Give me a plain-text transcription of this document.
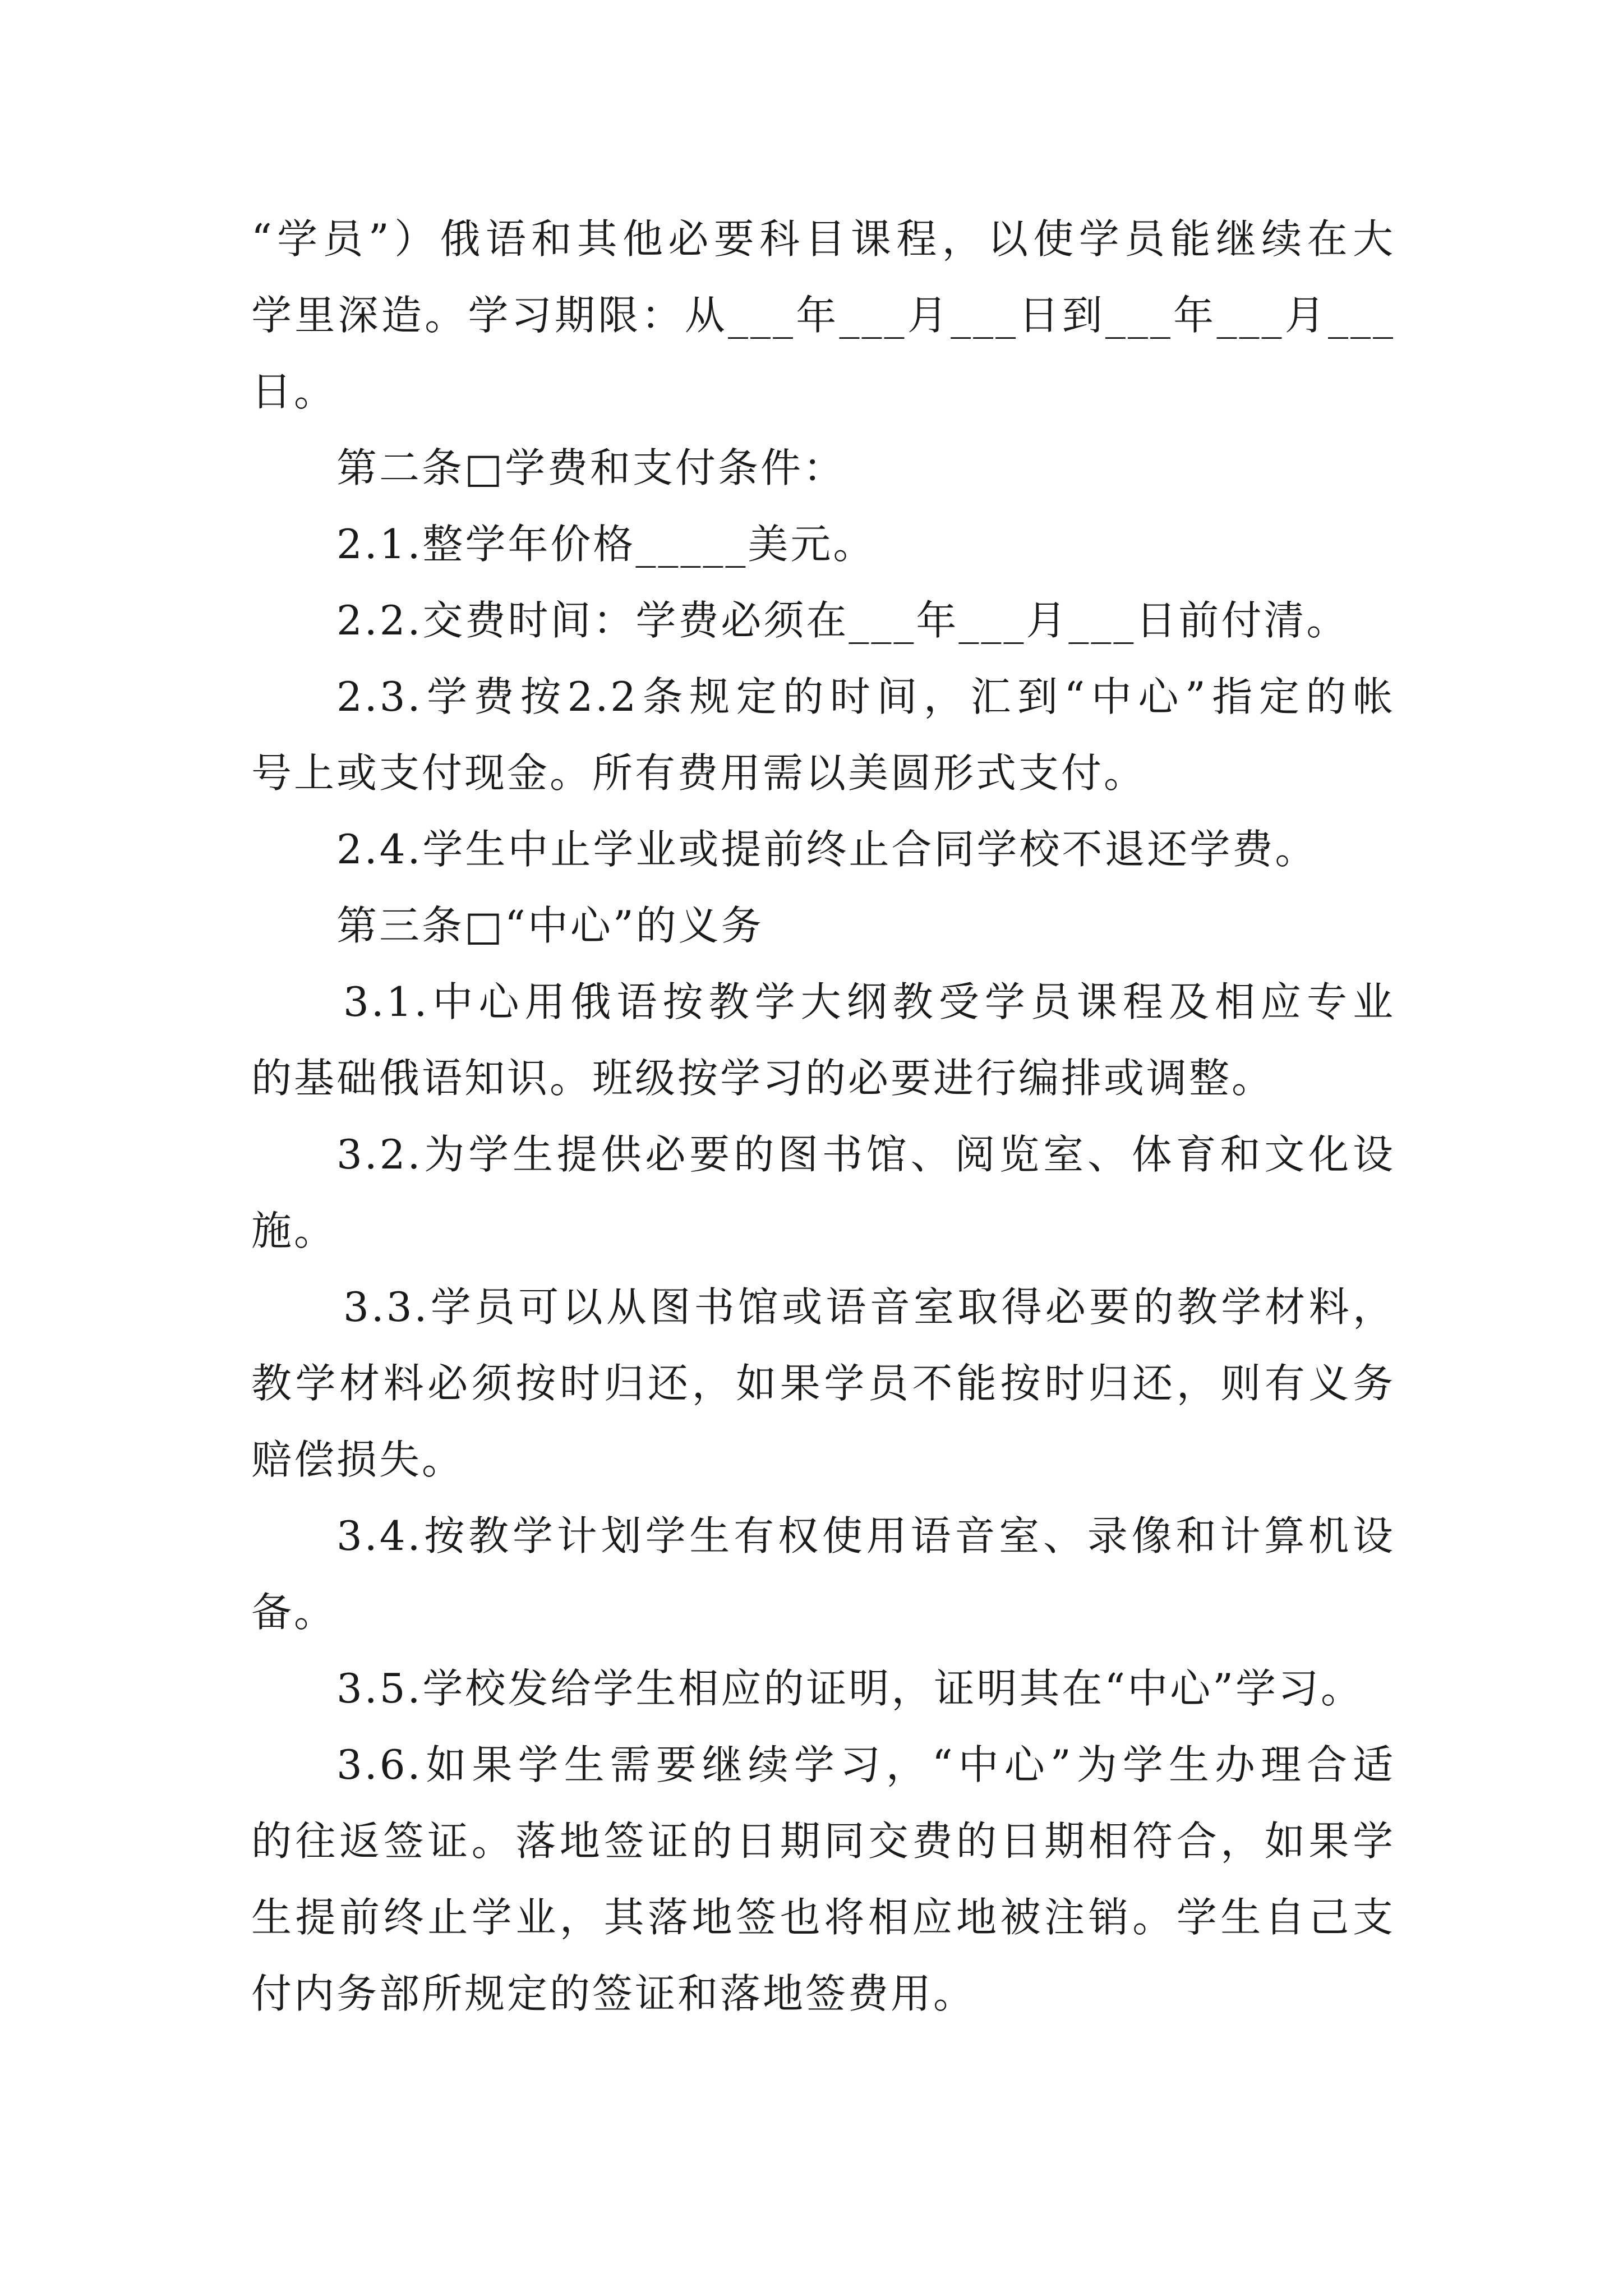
“学员”）俄语和其他必要科目课程，以使学员能继续在大
学里深造。学习期限：从___年___月___日到___年___月___
日。
第二条□学费和支付条件：
2.1.整学年价格_____美元。
2.2.交费时间：学费必须在___年___月___日前付清。
2.3.学费按2.2条规定的时间，汇到“中心”指定的帐
号上或支付现金。所有费用需以美圆形式支付。
2.4.学生中止学业或提前终止合同学校不退还学费。
第三条□“中心”的义务
3.1.中心用俄语按教学大纲教受学员课程及相应专业
的基础俄语知识。班级按学习的必要进行编排或调整。
3.2.为学生提供必要的图书馆、阅览室、体育和文化设
施。
3.3.学员可以从图书馆或语音室取得必要的教学材料，
教学材料必须按时归还，如果学员不能按时归还，则有义务
赔偿损失。
3.4.按教学计划学生有权使用语音室、录像和计算机设
备。
3.5.学校发给学生相应的证明，证明其在“中心”学习。
3.6.如果学生需要继续学习，“中心”为学生办理合适
的往返签证。落地签证的日期同交费的日期相符合，如果学
生提前终止学业，其落地签也将相应地被注销。学生自己支
付内务部所规定的签证和落地签费用。
